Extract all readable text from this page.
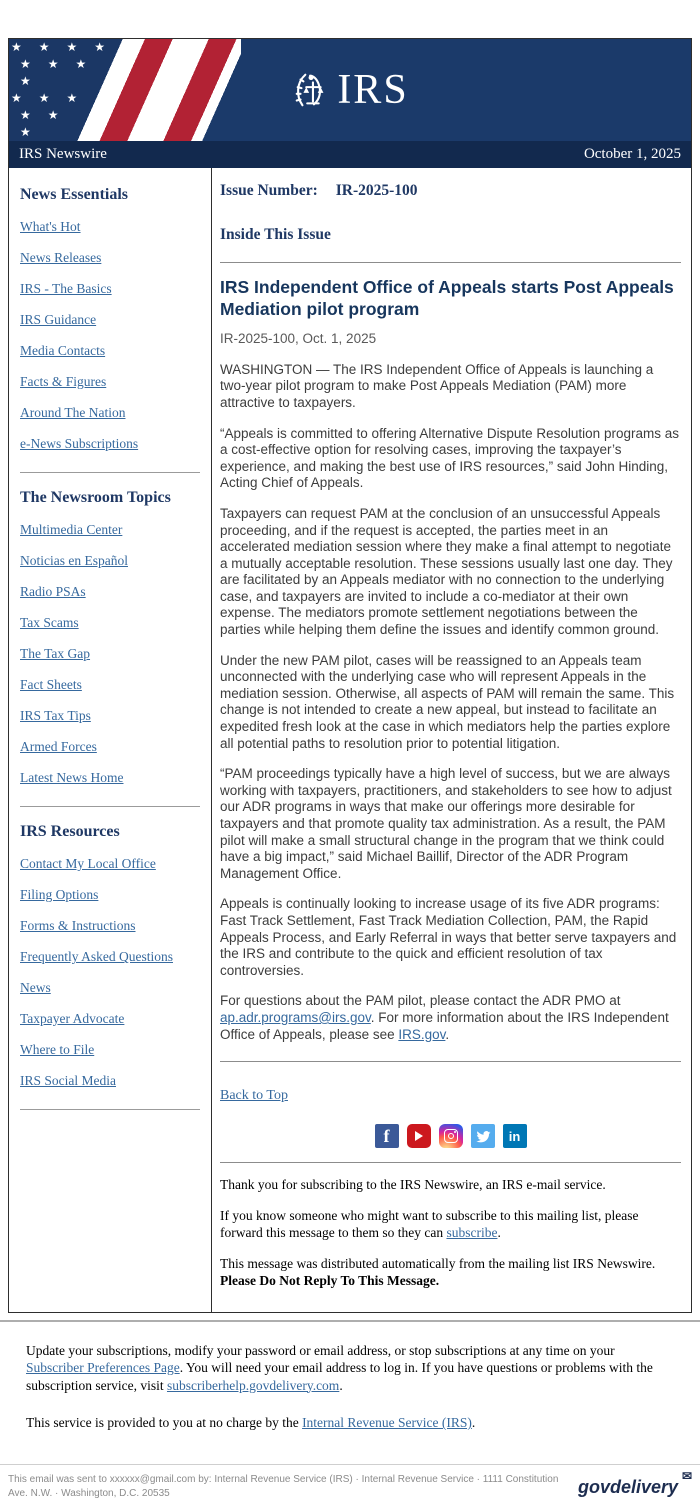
★ ★ ★ ★ ★
★ ★ ★ ★ ★
★ ★ ★ ★ ★
★ ★ ★ ★ ★
IRS
IRS Newswire	October 1, 2025
News Essentials
What's Hot
News Releases
IRS - The Basics
IRS Guidance
Media Contacts
Facts & Figures
Around The Nation
e-News Subscriptions
The Newsroom Topics
Multimedia Center
Noticias en Español
Radio PSAs
Tax Scams
The Tax Gap
Fact Sheets
IRS Tax Tips
Armed Forces
Latest News Home
IRS Resources
Contact My Local Office
Filing Options
Forms & Instructions
Frequently Asked Questions
News
Taxpayer Advocate
Where to File
IRS Social Media
Issue Number: IR-2025-100
Inside This Issue
IRS Independent Office of Appeals starts Post Appeals Mediation pilot program
IR-2025-100, Oct. 1, 2025

WASHINGTON — The IRS Independent Office of Appeals is launching a two-year pilot program to make Post Appeals Mediation (PAM) more attractive to taxpayers.

“Appeals is committed to offering Alternative Dispute Resolution programs as a cost-effective option for resolving cases, improving the taxpayer’s experience, and making the best use of IRS resources,” said John Hinding, Acting Chief of Appeals.

Taxpayers can request PAM at the conclusion of an unsuccessful Appeals proceeding, and if the request is accepted, the parties meet in an accelerated mediation session where they make a final attempt to negotiate a mutually acceptable resolution. These sessions usually last one day. They are facilitated by an Appeals mediator with no connection to the underlying case, and taxpayers are invited to include a co-mediator at their own expense. The mediators promote settlement negotiations between the parties while helping them define the issues and identify common ground.

Under the new PAM pilot, cases will be reassigned to an Appeals team unconnected with the underlying case who will represent Appeals in the mediation session. Otherwise, all aspects of PAM will remain the same. This change is not intended to create a new appeal, but instead to facilitate an expedited fresh look at the case in which mediators help the parties explore all potential paths to resolution prior to potential litigation.

“PAM proceedings typically have a high level of success, but we are always working with taxpayers, practitioners, and stakeholders to see how to adjust our ADR programs in ways that make our offerings more desirable for taxpayers and that promote quality tax administration. As a result, the PAM pilot will make a small structural change in the program that we think could have a big impact,” said Michael Baillif, Director of the ADR Program Management Office.

Appeals is continually looking to increase usage of its five ADR programs: Fast Track Settlement, Fast Track Mediation Collection, PAM, the Rapid Appeals Process, and Early Referral in ways that better serve taxpayers and the IRS and contribute to the quick and efficient resolution of tax controversies.

For questions about the PAM pilot, please contact the ADR PMO at ap.adr.programs@irs.gov. For more information about the IRS Independent Office of Appeals, please see IRS.gov.

Back to Top
f	in

Thank you for subscribing to the IRS Newswire, an IRS e-mail service.

If you know someone who might want to subscribe to this mailing list, please forward this message to them so they can subscribe.

This message was distributed automatically from the mailing list IRS Newswire. Please Do Not Reply To This Message.

Update your subscriptions, modify your password or email address, or stop subscriptions at any time on your Subscriber Preferences Page. You will need your email address to log in. If you have questions or problems with the subscription service, visit subscriberhelp.govdelivery.com.

This service is provided to you at no charge by the Internal Revenue Service (IRS).

This email was sent to xxxxxx@gmail.com by: Internal Revenue Service (IRS) · Internal Revenue Service · 1111 Constitution Ave. N.W. · Washington, D.C. 20535	govdelivery
✉
